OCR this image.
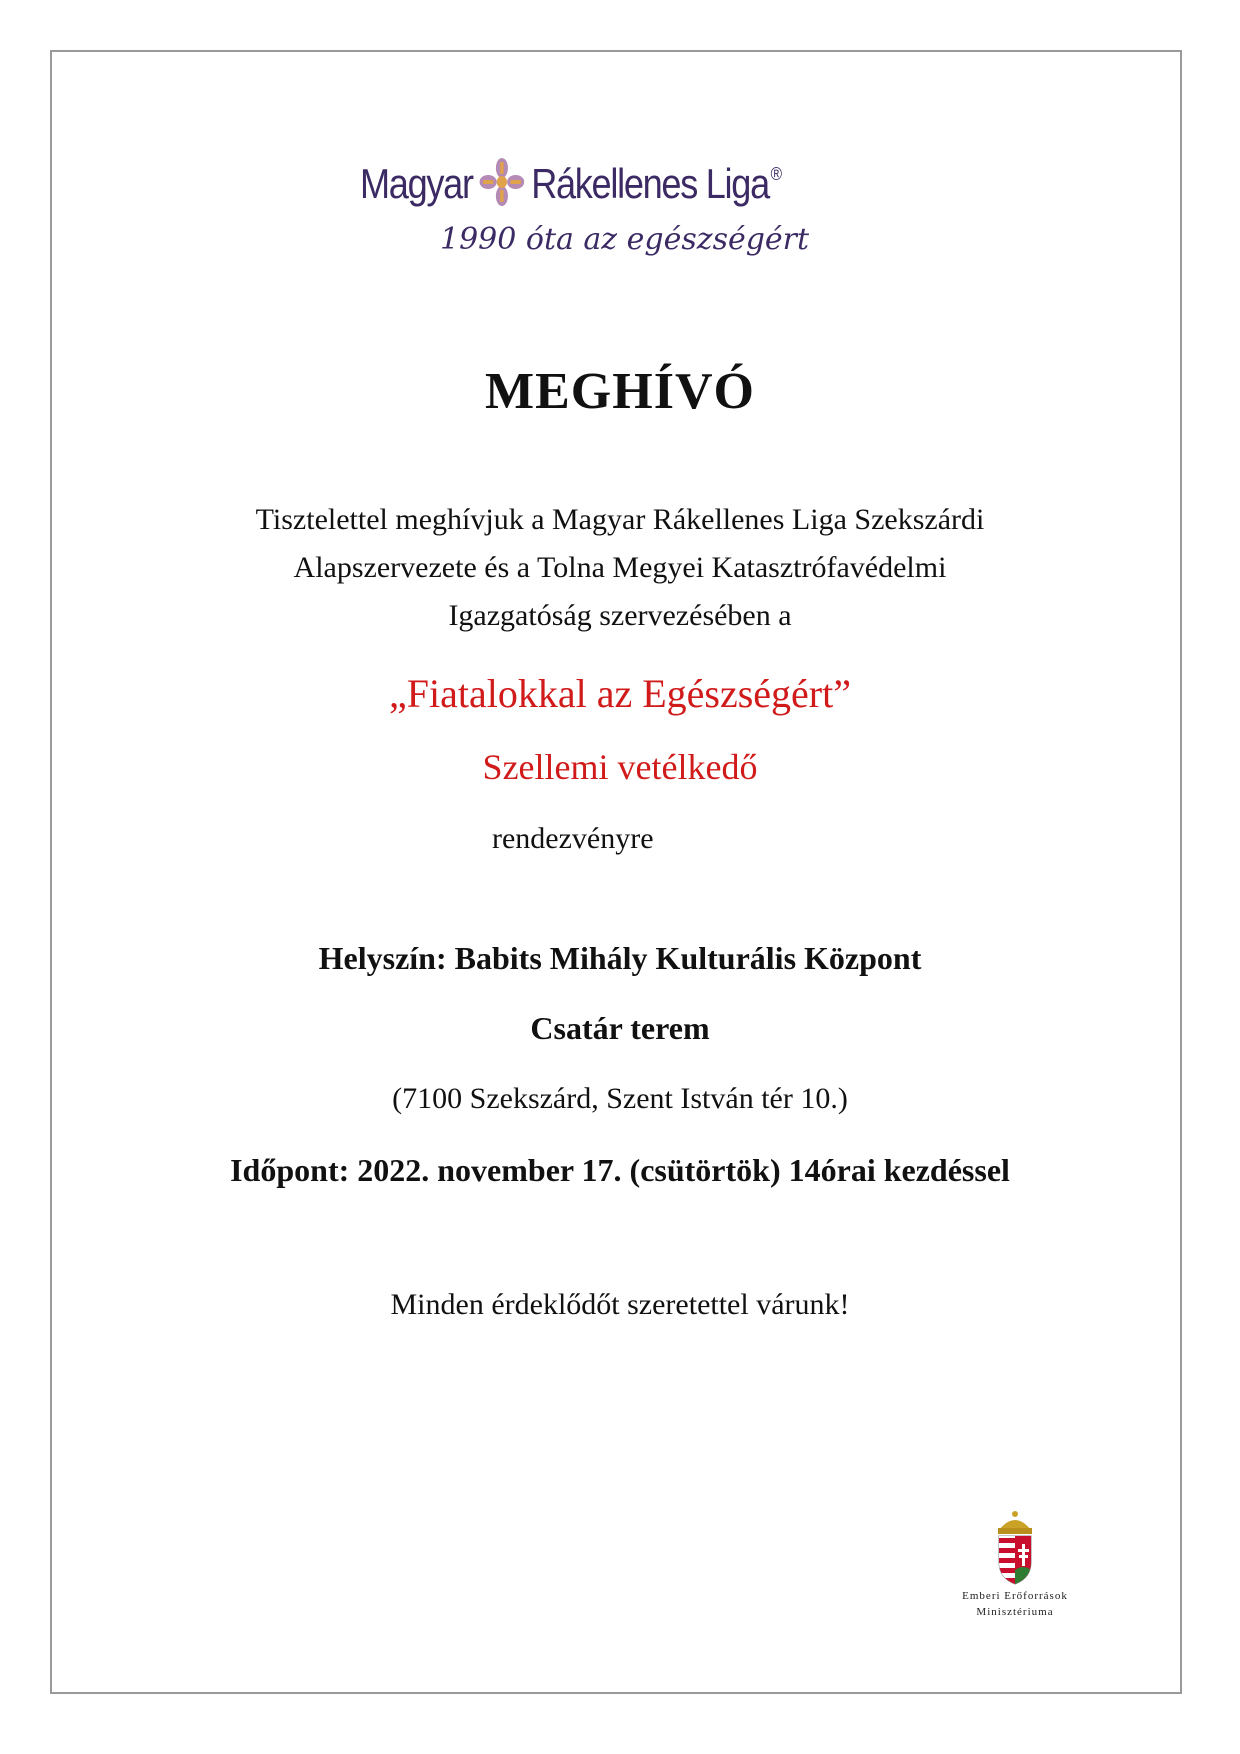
Magyar Rákellenes Liga®
1990 óta az egészségért
MEGHÍVÓ
Tisztelettel meghívjuk a Magyar Rákellenes Liga Szekszárdi
Alapszervezete és a Tolna Megyei Katasztrófavédelmi
Igazgatóság szervezésében a
„Fiatalokkal az Egészségért”
Szellemi vetélkedő
rendezvényre
Helyszín: Babits Mihály Kulturális Központ
Csatár terem
(7100 Szekszárd, Szent István tér 10.)
Időpont: 2022. november 17. (csütörtök) 14órai kezdéssel
Minden érdeklődőt szeretettel várunk!
Emberi Erőforrások
Minisztériuma
